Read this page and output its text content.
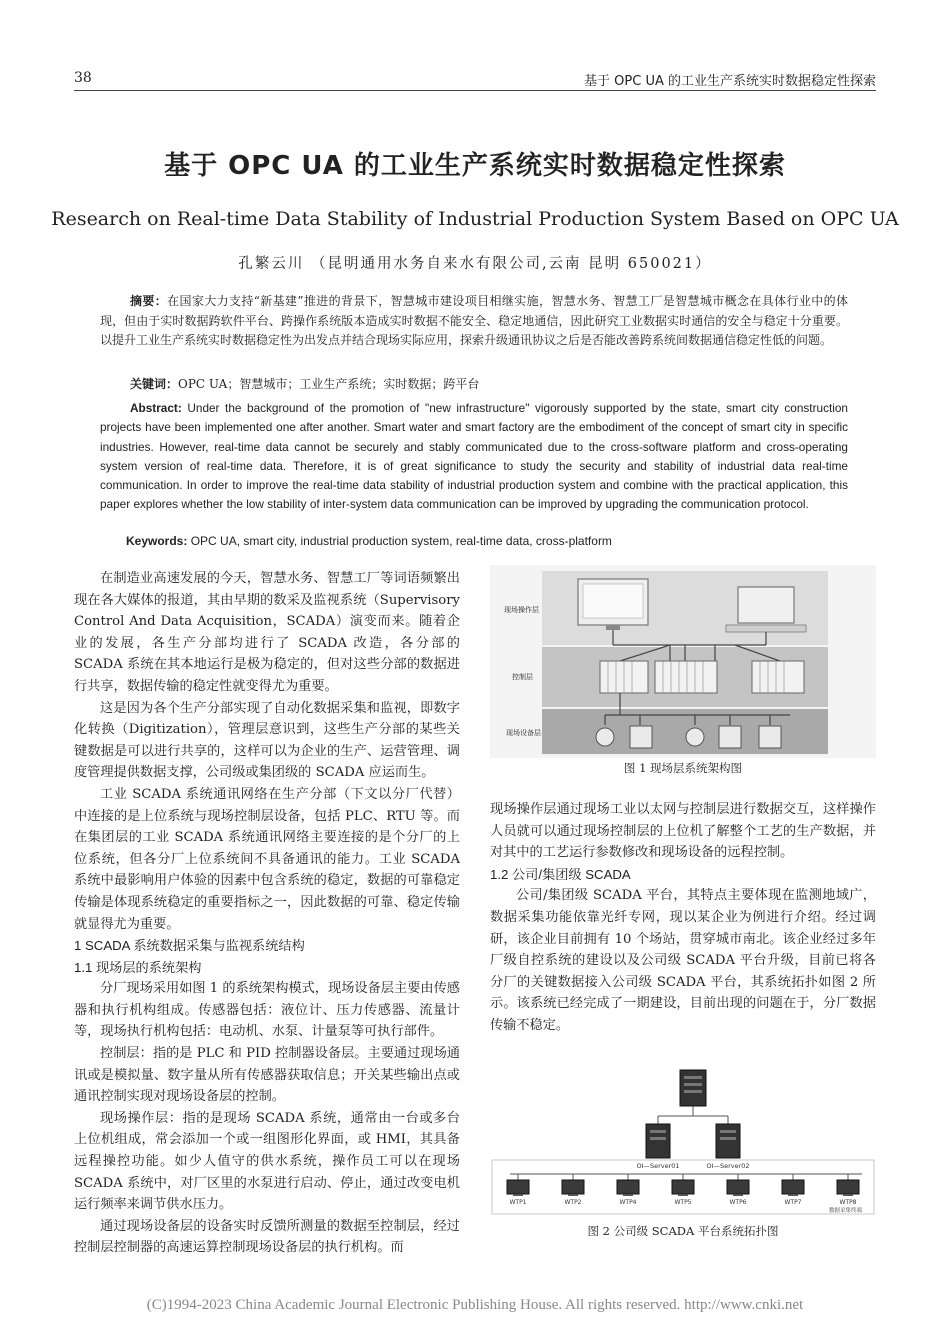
38	基于 OPC UA 的工业生产系统实时数据稳定性探索
基于 OPC UA 的工业生产系统实时数据稳定性探索
Research on Real-time Data Stability of Industrial Production System Based on OPC UA
孔繁云川 （昆明通用水务自来水有限公司,云南 昆明 650021）
摘要：在国家大力支持“新基建”推进的背景下，智慧城市建设项目相继实施，智慧水务、智慧工厂是智慧城市概念在具体行业中的体现，但由于实时数据跨软件平台、跨操作系统版本造成实时数据不能安全、稳定地通信，因此研究工业数据实时通信的安全与稳定十分重要。以提升工业生产系统实时数据稳定性为出发点并结合现场实际应用，探索升级通讯协议之后是否能改善跨系统间数据通信稳定性低的问题。
关键词：OPC UA；智慧城市；工业生产系统；实时数据；跨平台
Abstract: Under the background of the promotion of "new infrastructure" vigorously supported by the state, smart city construction projects have been implemented one after another. Smart water and smart factory are the embodiment of the concept of smart city in specific industries. However, real-time data cannot be securely and stably communicated due to the cross-software platform and cross-operating system version of real-time data. Therefore, it is of great significance to study the security and stability of industrial data real-time communication. In order to improve the real-time data stability of industrial production system and combine with the practical application, this paper explores whether the low stability of inter-system data communication can be improved by upgrading the communication protocol.
Keywords: OPC UA, smart city, industrial production system, real-time data, cross-platform

在制造业高速发展的今天，智慧水务、智慧工厂等词语频繁出现在各大媒体的报道，其由早期的数采及监视系统（Supervisory Control And Data Acquisition，SCADA）演变而来。随着企业的发展，各生产分部均进行了 SCADA 改造，各分部的 SCADA 系统在其本地运行是极为稳定的，但对这些分部的数据进行共享，数据传输的稳定性就变得尤为重要。

这是因为各个生产分部实现了自动化数据采集和监视，即数字化转换（Digitization），管理层意识到，这些生产分部的某些关键数据是可以进行共享的，这样可以为企业的生产、运营管理、调度管理提供数据支撑，公司级或集团级的 SCADA 应运而生。

工业 SCADA 系统通讯网络在生产分部（下文以分厂代替）中连接的是上位系统与现场控制层设备，包括 PLC、RTU 等。而在集团层的工业 SCADA 系统通讯网络主要连接的是个分厂的上位系统，但各分厂上位系统间不具备通讯的能力。工业 SCADA 系统中最影响用户体验的因素中包含系统的稳定，数据的可靠稳定传输是体现系统稳定的重要指标之一，因此数据的可靠、稳定传输就显得尤为重要。

1 SCADA 系统数据采集与监视系统结构

1.1 现场层的系统架构

分厂现场采用如图 1 的系统架构模式，现场设备层主要由传感器和执行机构组成。传感器包括：液位计、压力传感器、流量计等，现场执行机构包括：电动机、水泵、计量泵等可执行部件。

控制层：指的是 PLC 和 PID 控制器设备层。主要通过现场通讯或是模拟量、数字量从所有传感器获取信息；开关某些输出点或通讯控制实现对现场设备层的控制。

现场操作层：指的是现场 SCADA 系统，通常由一台或多台上位机组成，常会添加一个或一组图形化界面，或 HMI，其具备远程操控功能。如少人值守的供水系统，操作员工可以在现场 SCADA 系统中，对厂区里的水泵进行启动、停止，通过改变电机运行频率来调节供水压力。

通过现场设备层的设备实时反馈所测量的数据至控制层，经过控制层控制器的高速运算控制现场设备层的执行机构。而

现场操作层
控制层
现场设备层
图 1 现场层系统架构图

现场操作层通过现场工业以太网与控制层进行数据交互，这样操作人员就可以通过现场控制层的上位机了解整个工艺的生产数据，并对其中的工艺运行参数修改和现场设备的远程控制。

1.2 公司/集团级 SCADA

公司/集团级 SCADA 平台，其特点主要体现在监测地域广，数据采集功能依靠光纤专网，现以某企业为例进行介绍。经过调研，该企业目前拥有 10 个场站，贯穿城市南北。该企业经过多年厂级自控系统的建设以及公司级 SCADA 平台升级，目前已将各分厂的关键数据接入公司级 SCADA 平台，其系统拓扑如图 2 所示。该系统已经完成了一期建设，目前出现的问题在于，分厂数据传输不稳定。

OI—Server01	OI—Server02
WTP1	WTP2	WTP4	WTP5	WTP6	WTP7	WTP8
数据采集终端
图 2 公司级 SCADA 平台系统拓扑图
(C)1994-2023 China Academic Journal Electronic Publishing House. All rights reserved. http://www.cnki.net
